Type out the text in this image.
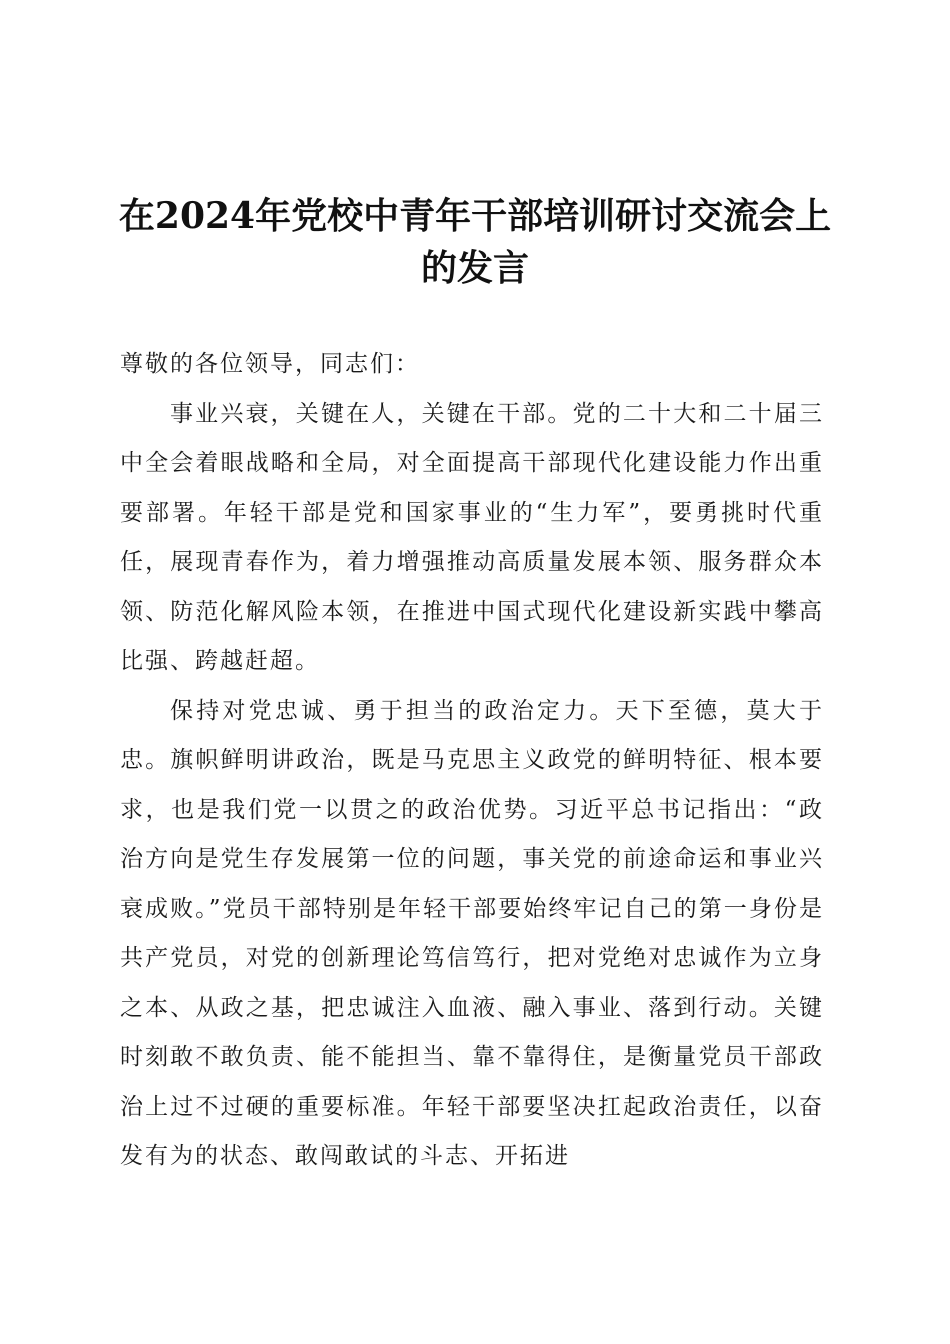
在2024年党校中青年干部培训研讨交流会上的发言

尊敬的各位领导，同志们：

事业兴衰，关键在人，关键在干部。党的二十大和二十届三中全会着眼战略和全局，对全面提高干部现代化建设能力作出重要部署。年轻干部是党和国家事业的“生力军”，要勇挑时代重任，展现青春作为，着力增强推动高质量发展本领、服务群众本领、防范化解风险本领，在推进中国式现代化建设新实践中攀高比强、跨越赶超。

保持对党忠诚、勇于担当的政治定力。天下至德，莫大于忠。旗帜鲜明讲政治，既是马克思主义政党的鲜明特征、根本要求，也是我们党一以贯之的政治优势。习近平总书记指出：“政治方向是党生存发展第一位的问题，事关党的前途命运和事业兴衰成败。”党员干部特别是年轻干部要始终牢记自己的第一身份是共产党员，对党的创新理论笃信笃行，把对党绝对忠诚作为立身之本、从政之基，把忠诚注入血液、融入事业、落到行动。关键时刻敢不敢负责、能不能担当、靠不靠得住，是衡量党员干部政治上过不过硬的重要标准。年轻干部要坚决扛起政治责任，以奋发有为的状态、敢闯敢试的斗志、开拓进
